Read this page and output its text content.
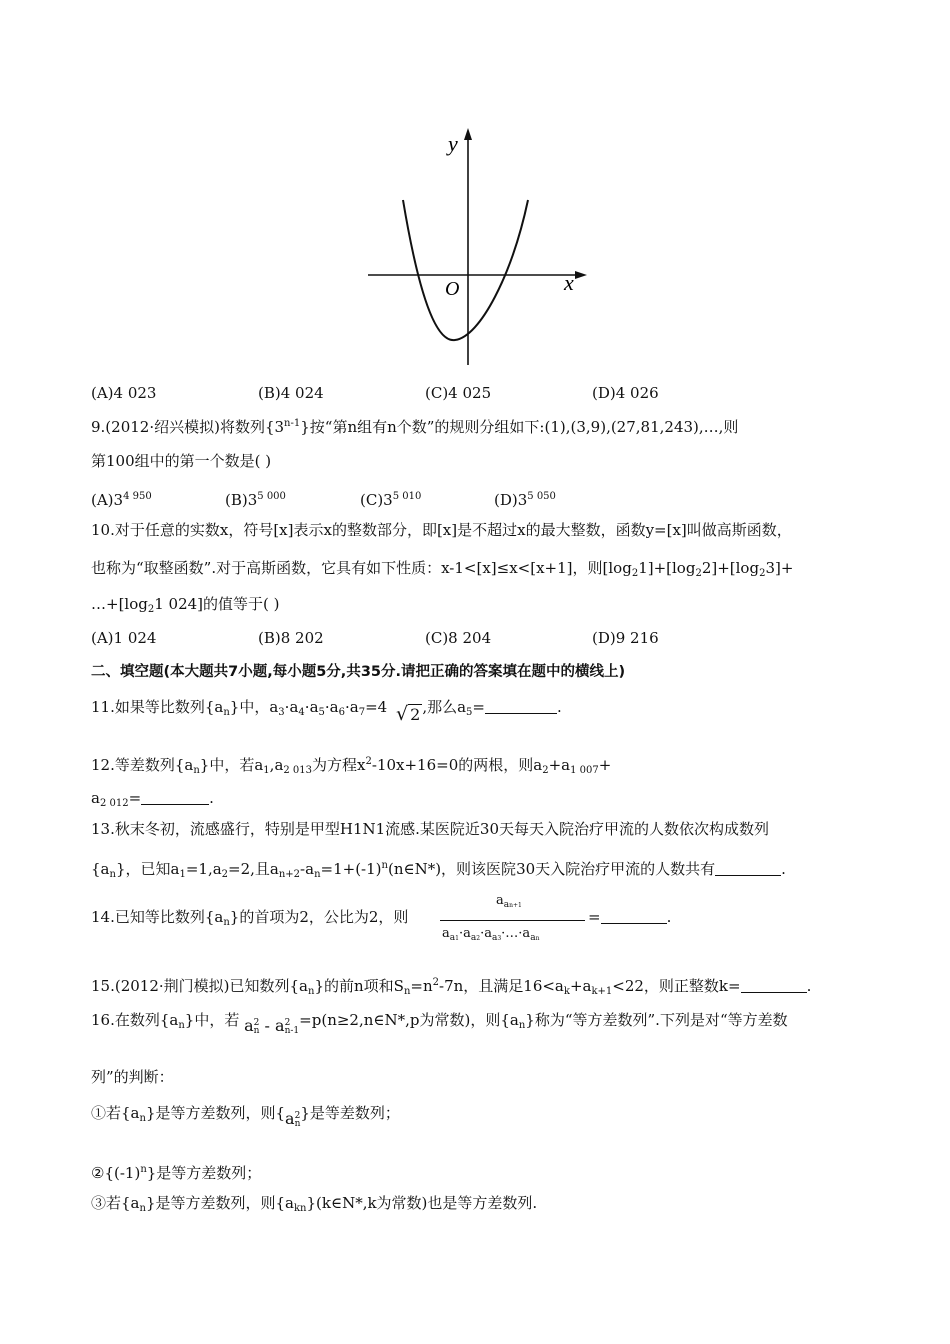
y
x
O
(A)4 023	(B)4 024	(C)4 025	(D)4 026
9.(2012·绍兴模拟)将数列{3$^{n-1}$}按“第n组有n个数”的规则分组如下:(1),(3,9),(27,81,243),…,则
第100组中的第一个数是( )
$(A)3^{4 950}$	$(B)3^{5 000}$	$(C)3^{5 010}$	$(D)3^{5 050}$
10.对于任意的实数x，符号[x]表示x的整数部分，即[x]是不超过x的最大整数，函数y=[x]叫做高斯函数，
也称为“取整函数”.对于高斯函数，它具有如下性质：x-1<[x]≤x<[x+1]，则$[\log_21]+[\log_22]+[\log_23]+$
$\dots+[\log_21$ 024]的值等于( )
(A)1 024	(B)8 202	(C)8 204	(D)9 216
二、填空题(本大题共7小题,每小题5分,共35分.请把正确的答案填在题中的横线上)
11.如果等比数列$\{a_n\}$中，$a_3\cdot a_4\cdot a_5\cdot a_6\cdot a_7=4$ √ 2 ,那么$a_5=$	.
12.等差数列$\{a_n\}$中，若$a_1,a_{2 013}$为方程$x^2-10x+16=0$的两根，则$a_2+a_{1 007}+$
$a_{2 012}=$	.
13.秋末冬初，流感盛行，特别是甲型H1N1流感.某医院近30天每天入院治疗甲流的人数依次构成数列
$\{a_n\}$，已知$a_1=1,a_2=2$,且$a_{n+2}-a_n=1+(-1)^n(n\in N*)$，则该医院30天入院治疗甲流的人数共有	.
14.已知等比数列$\{a_n\}$的首项为2，公比为2，则
$a_{an+1}$
$a_{a1}\cdot a_{a2}\cdot a_{a3}\cdot\dots\cdot a_{an}$
=	.
15.(2012·荆门模拟)已知数列$\{a_n\}$的前n项和$S_n=n^2-7n$，且满足$16<a_k+a_{k+1}<22$，则正整数k=	.
16.在数列$\{a_n\}$中，若 a2
n - a2
n-1=p(n≥2,n∈N*,p为常数)，则$\{a_n\}$称为“等方差数列”.下列是对“等方差数
列”的判断：
①若$\{a_n\}$是等方差数列，则{a2
n}是等差数列；
$②\{(-1)^n\}$是等方差数列；
③若$\{a_n\}$是等方差数列，则$\{a_{kn}\}(k\in N*,k$为常数)也是等方差数列.
